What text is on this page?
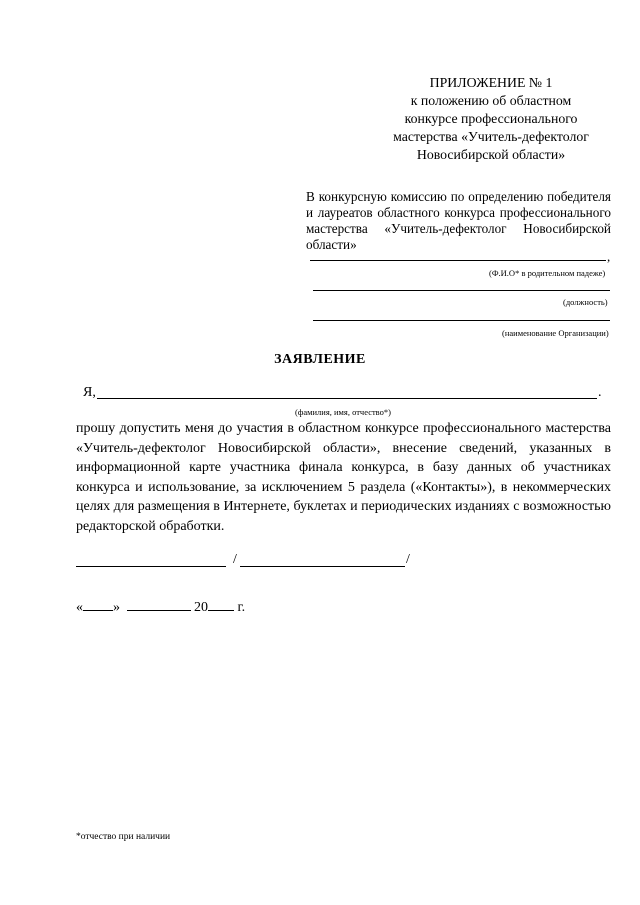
ПРИЛОЖЕНИЕ № 1
к положению об областном
конкурсе профессионального
мастерства «Учитель-дефектолог
Новосибирской области»
В конкурсную комиссию по определению победителя и лауреатов областного конкурса профессионального мастерства «Учитель-дефектолог Новосибирской области»
,
(Ф.И.О* в родительном падеже)
(должность)
(наименование Организации)
ЗАЯВЛЕНИЕ
Я,	.
(фамилия, имя, отчество*)
прошу допустить меня до участия в областном конкурсе профессионального мастерства «Учитель-дефектолог Новосибирской области», внесение сведений, указанных в информационной карте участника финала конкурса, в базу данных об участниках конкурса и использование, за исключением 5 раздела («Контакты»), в некоммерческих целях для размещения в Интернете, буклетах и периодических изданиях с возможностью редакторской обработки.
/	/
« »	20 г.
*отчество при наличии
